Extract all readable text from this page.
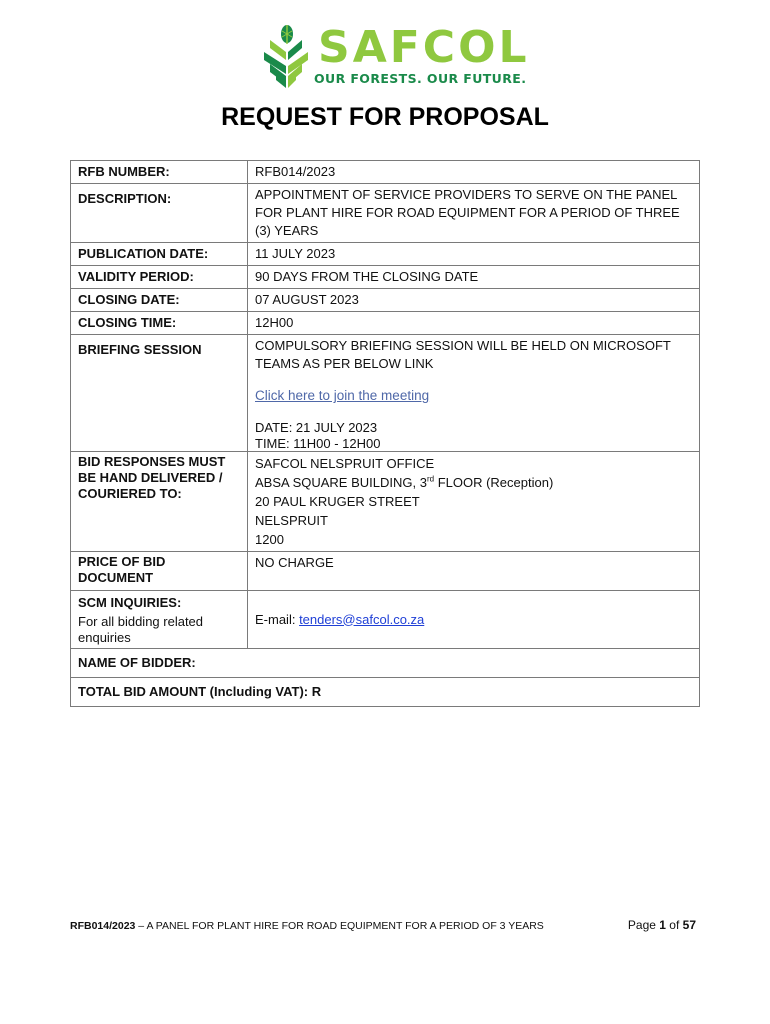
SAFCOL
OUR FORESTS. OUR FUTURE.
REQUEST FOR PROPOSAL
RFB NUMBER:	RFB014/2023
DESCRIPTION:	APPOINTMENT OF SERVICE PROVIDERS TO SERVE ON THE PANEL FOR PLANT HIRE FOR ROAD EQUIPMENT FOR A PERIOD OF THREE (3) YEARS
PUBLICATION DATE:	11 JULY 2023
VALIDITY PERIOD:	90 DAYS FROM THE CLOSING DATE
CLOSING DATE:	07 AUGUST 2023
CLOSING TIME:	12H00
BRIEFING SESSION	COMPULSORY BRIEFING SESSION WILL BE HELD ON MICROSOFT TEAMS AS PER BELOW LINK
Click here to join the meeting
DATE: 21 JULY 2023
TIME: 11H00 - 12H00

BID RESPONSES MUST BE HAND DELIVERED / COURIERED TO:	SAFCOL NELSPRUIT OFFICE
ABSA SQUARE BUILDING, 3rd FLOOR (Reception)
20 PAUL KRUGER STREET
NELSPRUIT
1200

PRICE OF BID DOCUMENT	NO CHARGE

SCM INQUIRIES:
For all bidding related enquiries	E-mail: tenders@safcol.co.za
NAME OF BIDDER:	
TOTAL BID AMOUNT (Including VAT): R	
RFB014/2023 – A PANEL FOR PLANT HIRE FOR ROAD EQUIPMENT FOR A PERIOD OF 3 YEARS	Page 1 of 57
